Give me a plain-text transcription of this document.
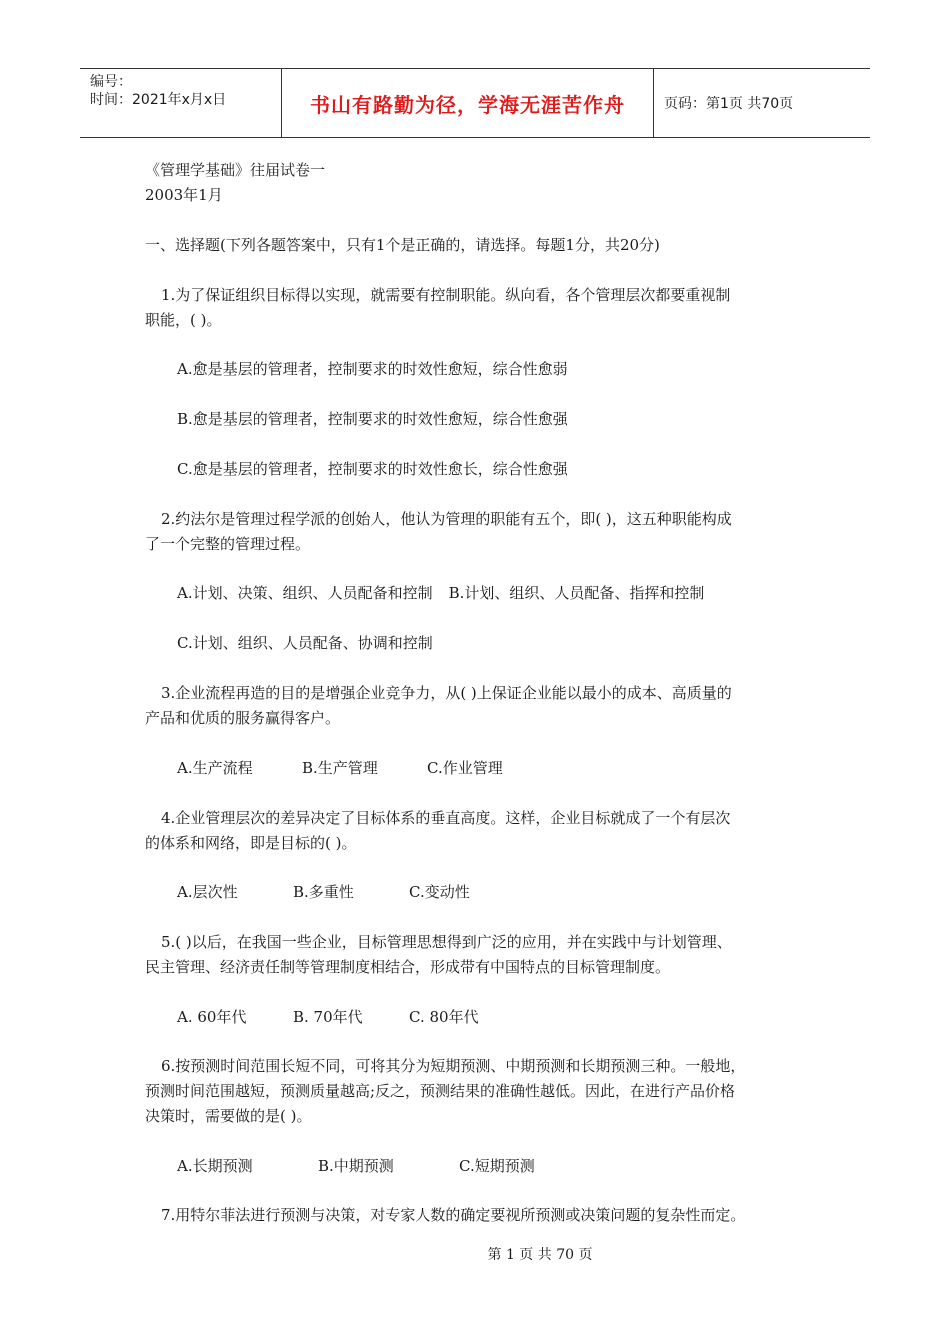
编号：
时间：2021年x月x日	书山有路勤为径，学海无涯苦作舟	页码：第1页 共70页
《管理学基础》往届试卷一
2003年1月
一、选择题(下列各题答案中，只有1个是正确的，请选择。每题1分，共20分)
1.为了保证组织目标得以实现，就需要有控制职能。纵向看，各个管理层次都要重视制
职能，( )。
A.愈是基层的管理者，控制要求的时效性愈短，综合性愈弱
B.愈是基层的管理者，控制要求的时效性愈短，综合性愈强
C.愈是基层的管理者，控制要求的时效性愈长，综合性愈强
2.约法尔是管理过程学派的创始人，他认为管理的职能有五个，即( )，这五种职能构成
了一个完整的管理过程。
A.计划、决策、组织、人员配备和控制 B.计划、组织、人员配备、指挥和控制
C.计划、组织、人员配备、协调和控制
3.企业流程再造的目的是增强企业竞争力，从( )上保证企业能以最小的成本、高质量的
产品和优质的服务赢得客户。
A.生产流程	B.生产管理	C.作业管理
4.企业管理层次的差异决定了目标体系的垂直高度。这样，企业目标就成了一个有层次
的体系和网络，即是目标的( )。
A.层次性	B.多重性	C.变动性
5.( )以后，在我国一些企业，目标管理思想得到广泛的应用，并在实践中与计划管理、
民主管理、经济责任制等管理制度相结合，形成带有中国特点的目标管理制度。
A. 60年代	B. 70年代	C. 80年代
6.按预测时间范围长短不同，可将其分为短期预测、中期预测和长期预测三种。一般地，
预测时间范围越短，预测质量越高;反之，预测结果的准确性越低。因此，在进行产品价格
决策时，需要做的是( )。
A.长期预测	B.中期预测	C.短期预测
7.用特尔菲法进行预测与决策，对专家人数的确定要视所预测或决策问题的复杂性而定。
第 1 页 共 70 页
